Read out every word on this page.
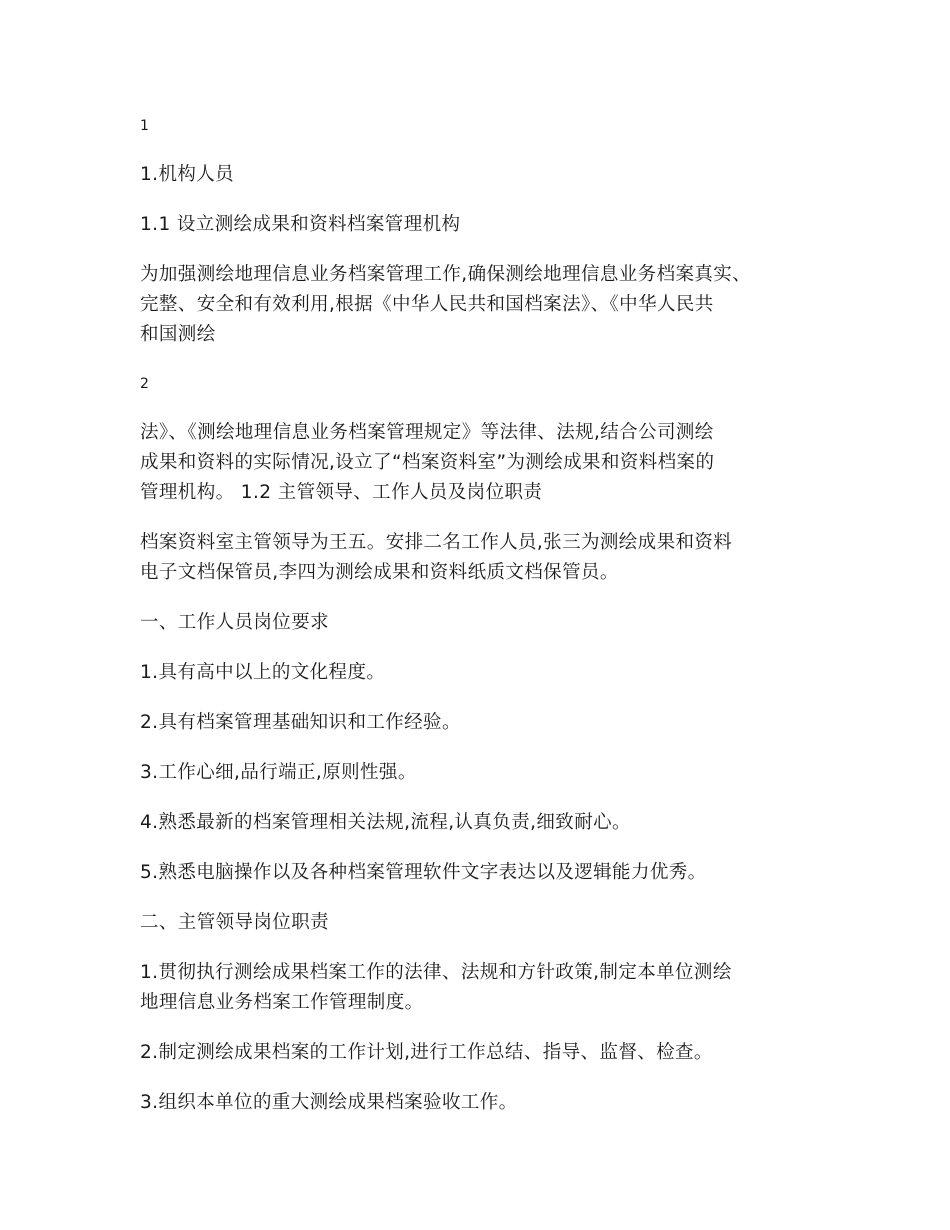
1
1.机构人员
1.1 设立测绘成果和资料档案管理机构
为加强测绘地理信息业务档案管理工作,确保测绘地理信息业务档案真实、
完整、安全和有效利用,根据《中华人民共和国档案法》、《中华人民共
和国测绘
2
法》、《测绘地理信息业务档案管理规定》等法律、法规,结合公司测绘
成果和资料的实际情况,设立了“档案资料室”为测绘成果和资料档案的
管理机构。 1.2 主管领导、工作人员及岗位职责
档案资料室主管领导为王五。安排二名工作人员,张三为测绘成果和资料
电子文档保管员,李四为测绘成果和资料纸质文档保管员。
一、工作人员岗位要求
1.具有高中以上的文化程度。
2.具有档案管理基础知识和工作经验。
3.工作心细,品行端正,原则性强。
4.熟悉最新的档案管理相关法规,流程,认真负责,细致耐心。
5.熟悉电脑操作以及各种档案管理软件文字表达以及逻辑能力优秀。
二、主管领导岗位职责
1.贯彻执行测绘成果档案工作的法律、法规和方针政策,制定本单位测绘
地理信息业务档案工作管理制度。
2.制定测绘成果档案的工作计划,进行工作总结、指导、监督、检查。
3.组织本单位的重大测绘成果档案验收工作。
